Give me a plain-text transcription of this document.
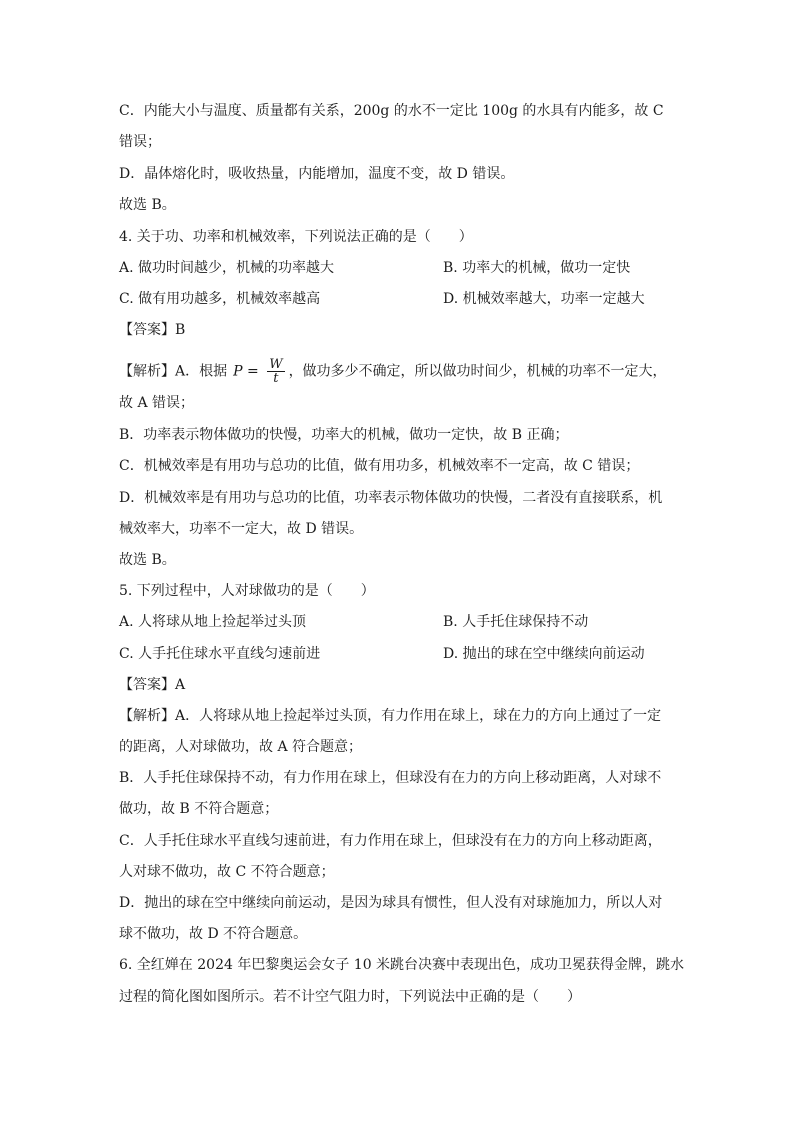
C．内能大小与温度、质量都有关系，200g 的水不一定比 100g 的水具有内能多，故 C
错误；
D．晶体熔化时，吸收热量，内能增加，温度不变，故 D 错误。
故选 B。
4. 关于功、功率和机械效率，下列说法正确的是（　　）
A. 做功时间越少，机械的功率越大	B. 功率大的机械，做功一定快
C. 做有用功越多，机械效率越高	D. 机械效率越大，功率一定越大
【答案】B
【解析】A．根据 $P = \frac{W}{t}$ ，做功多少不确定，所以做功时间少，机械的功率不一定大，
故 A 错误；
B．功率表示物体做功的快慢，功率大的机械，做功一定快，故 B 正确；
C．机械效率是有用功与总功的比值，做有用功多，机械效率不一定高，故 C 错误；
D．机械效率是有用功与总功的比值，功率表示物体做功的快慢，二者没有直接联系，机
械效率大，功率不一定大，故 D 错误。
故选 B。
5. 下列过程中，人对球做功的是（　　）
A. 人将球从地上捡起举过头顶	B. 人手托住球保持不动
C. 人手托住球水平直线匀速前进	D. 抛出的球在空中继续向前运动
【答案】A
【解析】A．人将球从地上捡起举过头顶，有力作用在球上，球在力的方向上通过了一定
的距离，人对球做功，故 A 符合题意；
B．人手托住球保持不动，有力作用在球上，但球没有在力的方向上移动距离，人对球不
做功，故 B 不符合题意；
C．人手托住球水平直线匀速前进，有力作用在球上，但球没有在力的方向上移动距离，
人对球不做功，故 C 不符合题意；
D．抛出的球在空中继续向前运动，是因为球具有惯性，但人没有对球施加力，所以人对
球不做功，故 D 不符合题意。
6. 全红婵在 2024 年巴黎奥运会女子 10 米跳台决赛中表现出色，成功卫冕获得金牌，跳水
过程的简化图如图所示。若不计空气阻力时，下列说法中正确的是（　　）
